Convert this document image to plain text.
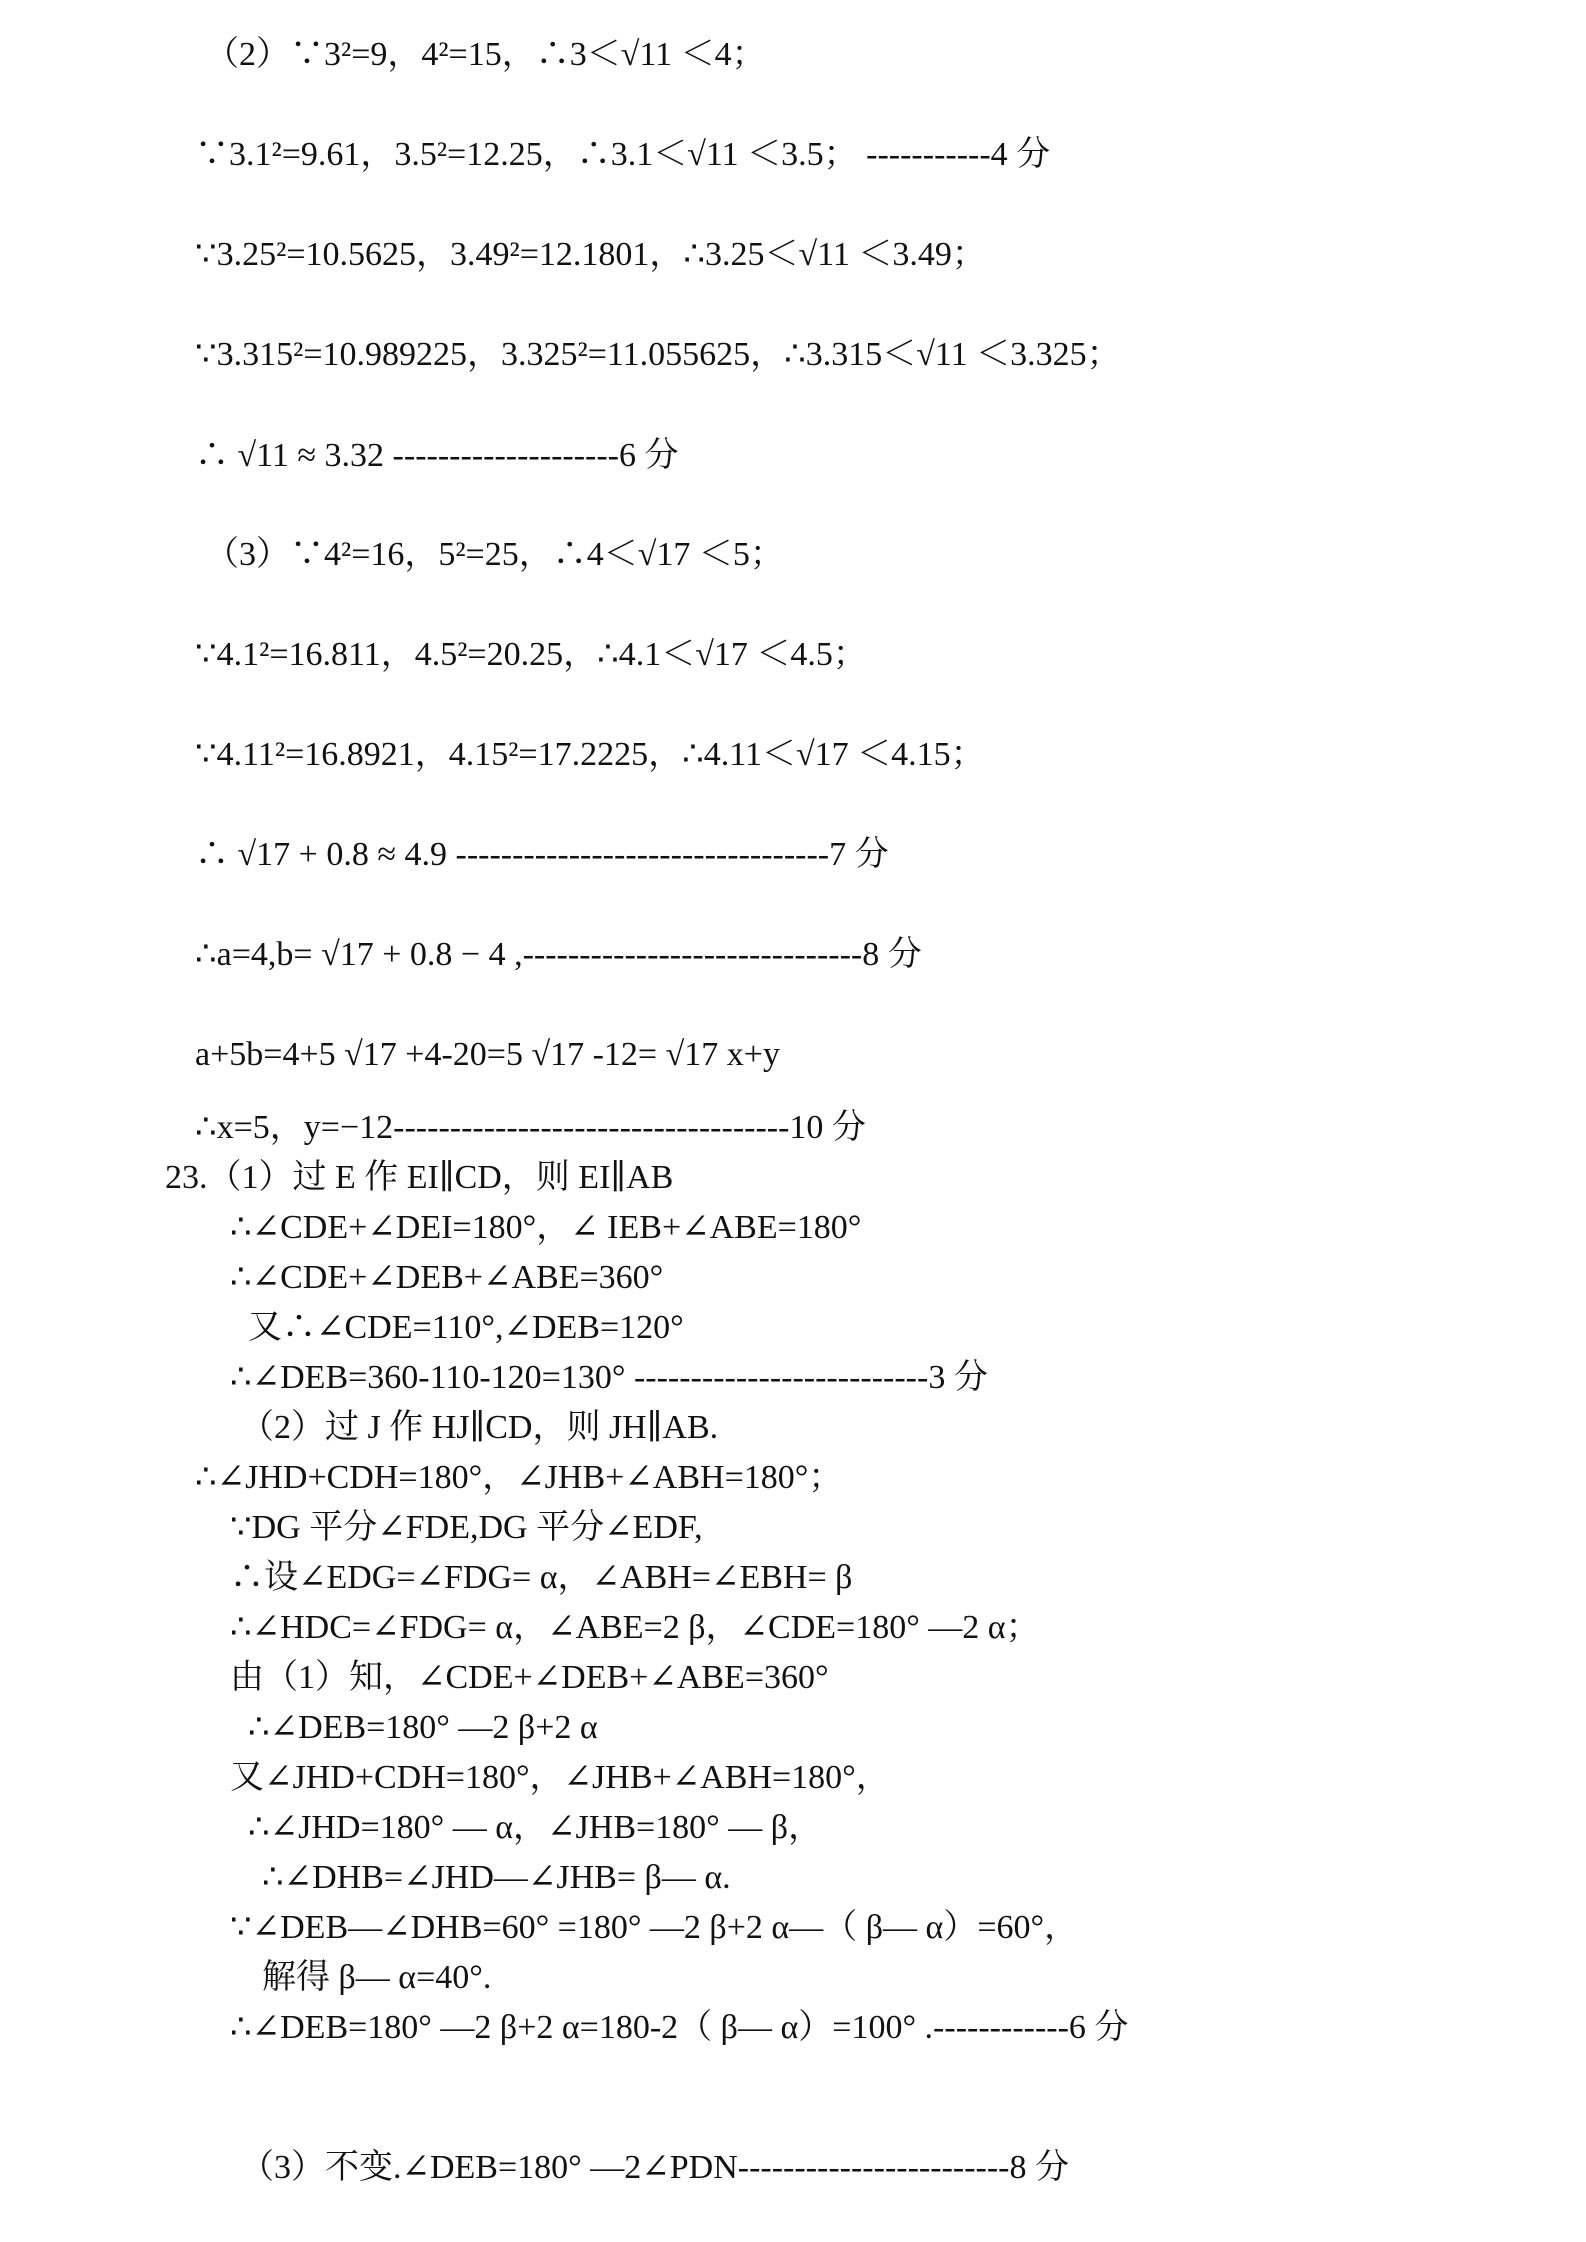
（2）∵3²=9，4²=15，∴3＜√11 ＜4；
∵3.1²=9.61，3.5²=12.25，∴3.1＜√11 ＜3.5； -----------4 分
∵3.25²=10.5625，3.49²=12.1801，∴3.25＜√11 ＜3.49；
∵3.315²=10.989225，3.325²=11.055625，∴3.315＜√11 ＜3.325；
∴ √11 ≈ 3.32 --------------------6 分
（3）∵4²=16，5²=25，∴4＜√17 ＜5；
∵4.1²=16.811，4.5²=20.25，∴4.1＜√17 ＜4.5；
∵4.11²=16.8921，4.15²=17.2225，∴4.11＜√17 ＜4.15；
∴ √17 + 0.8 ≈ 4.9 ---------------------------------7 分
∴a=4,b= √17 + 0.8 − 4 ,------------------------------8 分
a+5b=4+5 √17 +4-20=5 √17 -12= √17 x+y
∴x=5，y=−12-----------------------------------10 分
23.（1）过 E 作 EI∥CD，则 EI∥AB
∴∠CDE+∠DEI=180°，∠ IEB+∠ABE=180°
∴∠CDE+∠DEB+∠ABE=360°
又∴∠CDE=110°,∠DEB=120°
∴∠DEB=360-110-120=130° --------------------------3 分
（2）过 J 作 HJ∥CD，则 JH∥AB.
∴∠JHD+CDH=180°，∠JHB+∠ABH=180°；
∵DG 平分∠FDE,DG 平分∠EDF,
∴设∠EDG=∠FDG= α，∠ABH=∠EBH= β
∴∠HDC=∠FDG= α，∠ABE=2 β，∠CDE=180° —2 α；
由（1）知，∠CDE+∠DEB+∠ABE=360°
∴∠DEB=180° —2 β+2 α
又∠JHD+CDH=180°，∠JHB+∠ABH=180°，
∴∠JHD=180° — α，∠JHB=180° — β，
∴∠DHB=∠JHD—∠JHB= β— α.
∵∠DEB—∠DHB=60° =180° —2 β+2 α—（ β— α）=60°，
解得 β— α=40°.
∴∠DEB=180° —2 β+2 α=180-2（ β— α）=100° .------------6 分
（3）不变.∠DEB=180° —2∠PDN------------------------8 分
